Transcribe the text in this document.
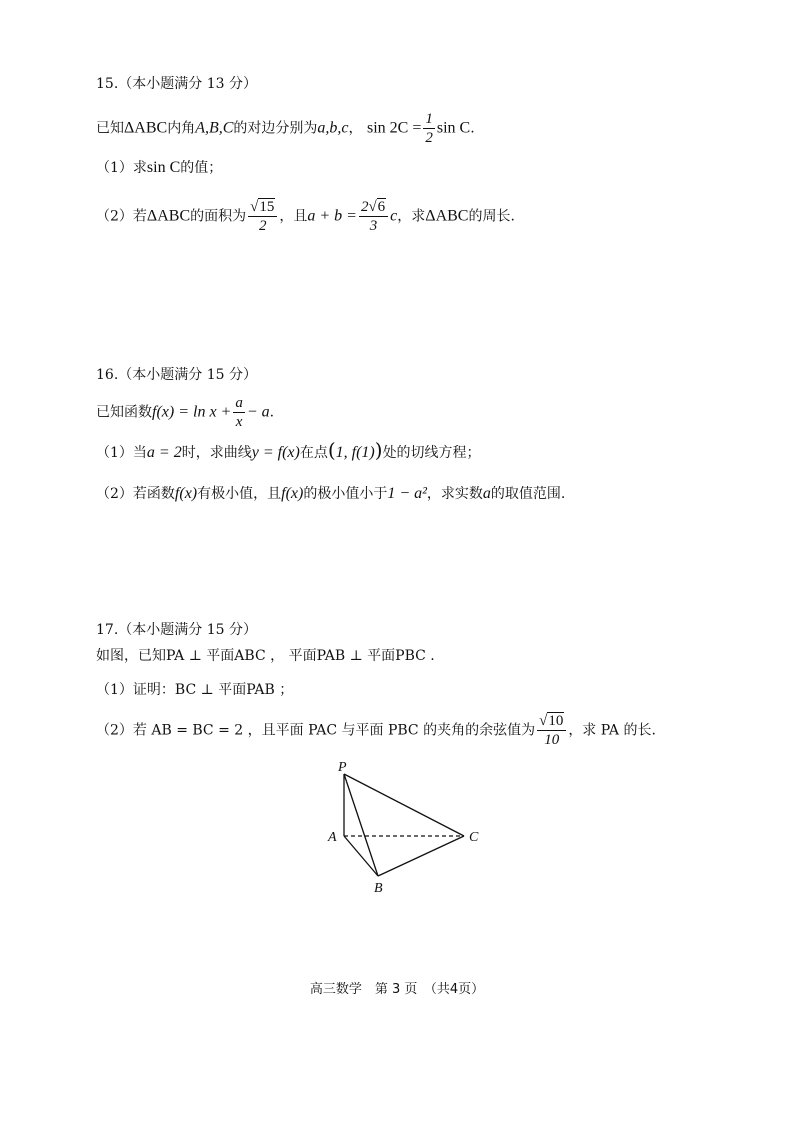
15.（本小题满分 13 分）
已知ΔABC内角A,B,C的对边分别为a,b,c， $\sin 2C = \frac{1}{2}$ sin C.
（1）求sin C的值；
（2）若ΔABC的面积为 $\frac{√15}{2}$ ，且$a + b = \frac{2√6}{3}$ c，求ΔABC的周长.
16.（本小题满分 15 分）
已知函数$f(x) = \ln x + \frac{a}{x} - a$.
（1）当a = 2时，求曲线y = f(x)在点(1, f(1))处的切线方程；
（2）若函数f(x)有极小值，且f(x)的极小值小于1 − a²，求实数a的取值范围.
17.（本小题满分 15 分）
如图，已知PA ⊥ 平面ABC ， 平面PAB ⊥ 平面PBC .
（1）证明：BC ⊥ 平面PAB ；
（2）若 AB = BC = 2 ，且平面 PAC 与平面 PBC 的夹角的余弦值为 $\frac{√10}{10}$ ，求 PA 的长.
P
A
B
C
高三数学　第 3 页　（共4页）
